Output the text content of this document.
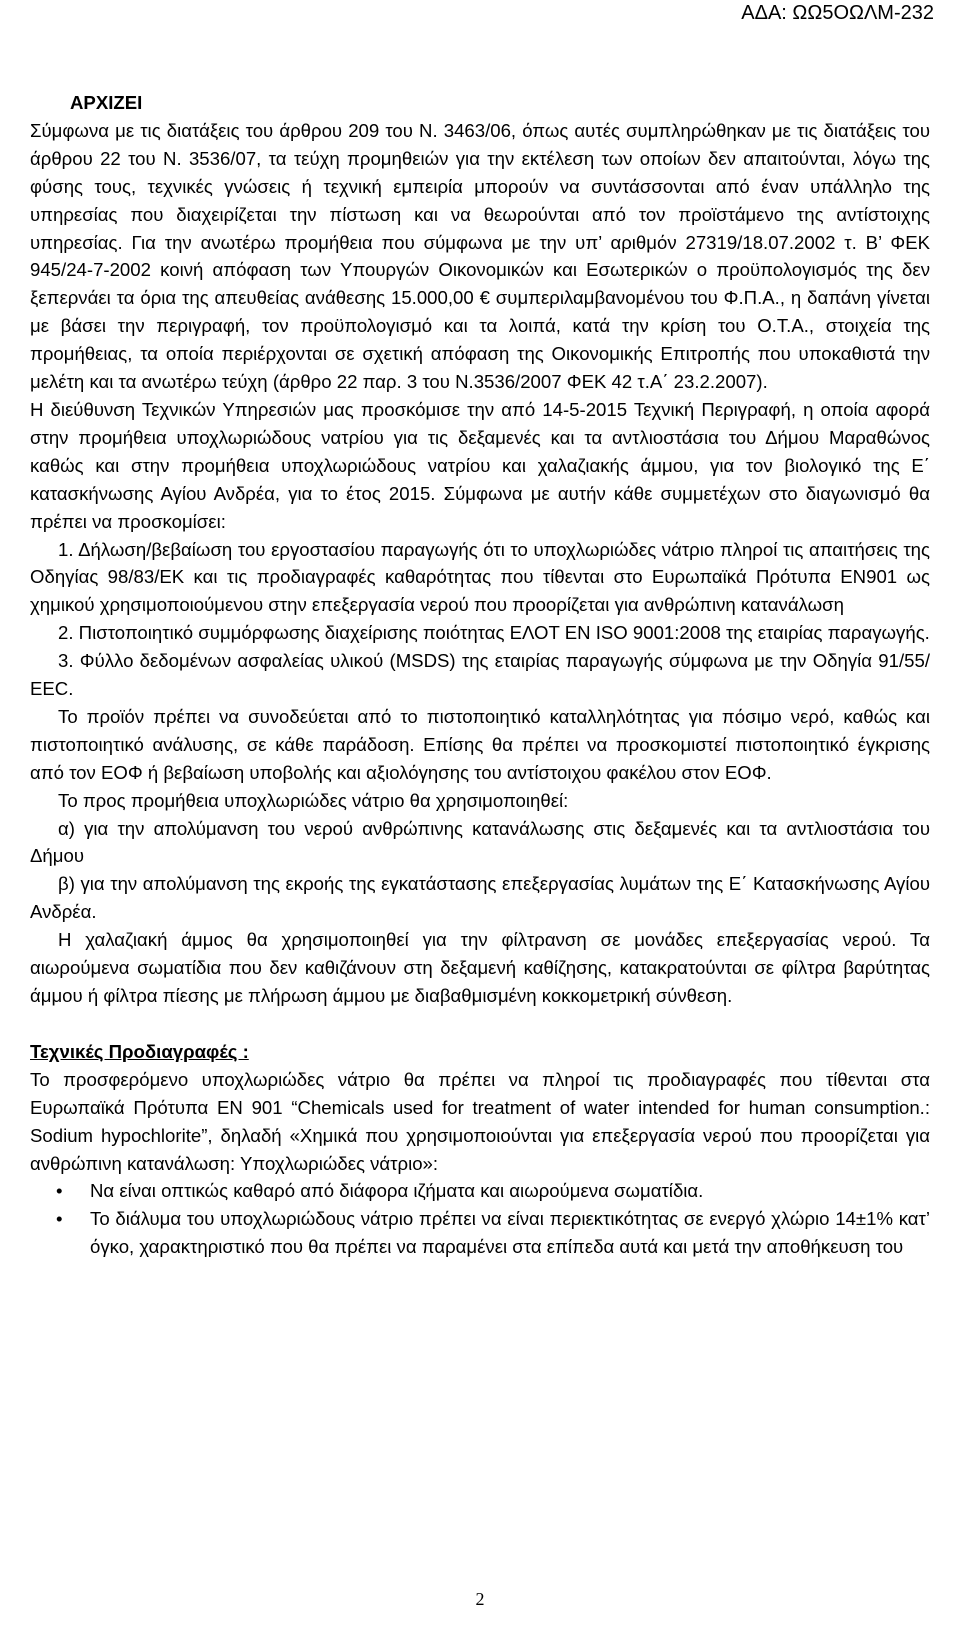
ΑΔΑ: ΩΩ5ΟΩΛΜ-232

ΑΡΧΙΖΕΙ

Σύμφωνα με τις διατάξεις του άρθρου 209 του Ν. 3463/06, όπως αυτές συμπληρώθηκαν με τις διατάξεις του άρθρου 22 του Ν. 3536/07, τα τεύχη προμηθειών για την εκτέλεση των οποίων δεν απαιτούνται, λόγω της φύσης τους, τεχνικές γνώσεις ή τεχνική εμπειρία μπορούν να συντάσσονται από έναν υπάλληλο της υπηρεσίας που διαχειρίζεται την πίστωση και να θεωρούνται από τον προϊστάμενο της αντίστοιχης υπηρεσίας. Για την ανωτέρω προμήθεια που σύμφωνα με την υπ’ αριθμόν 27319/18.07.2002 τ. Β’ ΦΕΚ 945/24-7-2002 κοινή απόφαση των Υπουργών Οικονομικών και Εσωτερικών ο προϋπολογισμός της δεν ξεπερνάει τα όρια της απευθείας ανάθεσης 15.000,00 € συμπεριλαμβανομένου του Φ.Π.Α., η δαπάνη γίνεται με βάσει την περιγραφή, τον προϋπολογισμό και τα λοιπά, κατά την κρίση του Ο.Τ.Α., στοιχεία της προμήθειας, τα οποία περιέρχονται σε σχετική απόφαση της Οικονομικής Επιτροπής που υποκαθιστά την μελέτη και τα ανωτέρω τεύχη (άρθρο 22 παρ. 3 του Ν.3536/2007 ΦΕΚ 42 τ.Α΄ 23.2.2007).

Η διεύθυνση Τεχνικών Υπηρεσιών μας προσκόμισε την από 14-5-2015 Τεχνική Περιγραφή, η οποία αφορά στην προμήθεια υποχλωριώδους νατρίου για τις δεξαμενές και τα αντλιοστάσια του Δήμου Μαραθώνος καθώς και στην προμήθεια υποχλωριώδους νατρίου και χαλαζιακής άμμου, για τον βιολογικό της Ε΄ κατασκήνωσης Αγίου Ανδρέα, για το έτος 2015. Σύμφωνα με αυτήν κάθε συμμετέχων στο διαγωνισμό θα πρέπει να προσκομίσει:

1. Δήλωση/βεβαίωση του εργοστασίου παραγωγής ότι το υποχλωριώδες νάτριο πληροί τις απαιτήσεις της Οδηγίας 98/83/ΕΚ και τις προδιαγραφές καθαρότητας που τίθενται στο Ευρωπαϊκά Πρότυπα ΕΝ901 ως χημικού χρησιμοποιούμενου στην επεξεργασία νερού που προορίζεται για ανθρώπινη κατανάλωση

2. Πιστοποιητικό συμμόρφωσης διαχείρισης ποιότητας ΕΛΟΤ ΕΝ ISO 9001:2008 της εταιρίας παραγωγής.

3. Φύλλο δεδομένων ασφαλείας υλικού (MSDS) της εταιρίας παραγωγής σύμφωνα με την Οδηγία 91/55/ΕΕC.

Το προϊόν πρέπει να συνοδεύεται από το πιστοποιητικό καταλληλότητας για πόσιμο νερό, καθώς και πιστοποιητικό ανάλυσης, σε κάθε παράδοση. Επίσης θα πρέπει να προσκομιστεί πιστοποιητικό έγκρισης από τον ΕΟΦ ή βεβαίωση υποβολής και αξιολόγησης του αντίστοιχου φακέλου στον ΕΟΦ.

Το προς προμήθεια υποχλωριώδες νάτριο θα χρησιμοποιηθεί:

α) για την απολύμανση του νερού ανθρώπινης κατανάλωσης στις δεξαμενές και τα αντλιοστάσια του Δήμου

β) για την απολύμανση της εκροής της εγκατάστασης επεξεργασίας λυμάτων της Ε΄ Κατασκήνωσης Αγίου Ανδρέα.

Η χαλαζιακή άμμος θα χρησιμοποιηθεί για την φίλτρανση σε μονάδες επεξεργασίας νερού. Τα αιωρούμενα σωματίδια που δεν καθιζάνουν στη δεξαμενή καθίζησης, κατακρατούνται σε φίλτρα βαρύτητας άμμου ή φίλτρα πίεσης με πλήρωση άμμου με διαβαθμισμένη κοκκομετρική σύνθεση.

Τεχνικές Προδιαγραφές :

Το προσφερόμενο υποχλωριώδες νάτριο θα πρέπει να πληροί τις προδιαγραφές που τίθενται στα Ευρωπαϊκά Πρότυπα ΕΝ 901 “Chemicals used for treatment of water intended for human consumption.: Sodium hypochlorite”, δηλαδή «Χημικά που χρησιμοποιούνται για επεξεργασία νερού που προορίζεται για ανθρώπινη κατανάλωση: Υποχλωριώδες νάτριο»:

• Να είναι οπτικώς καθαρό από διάφορα ιζήματα και αιωρούμενα σωματίδια.
• Το διάλυμα του υποχλωριώδους νάτριο πρέπει να είναι περιεκτικότητας σε ενεργό χλώριο 14±1% κατ’ όγκο, χαρακτηριστικό που θα πρέπει να παραμένει στα επίπεδα αυτά και μετά την αποθήκευση του
2
